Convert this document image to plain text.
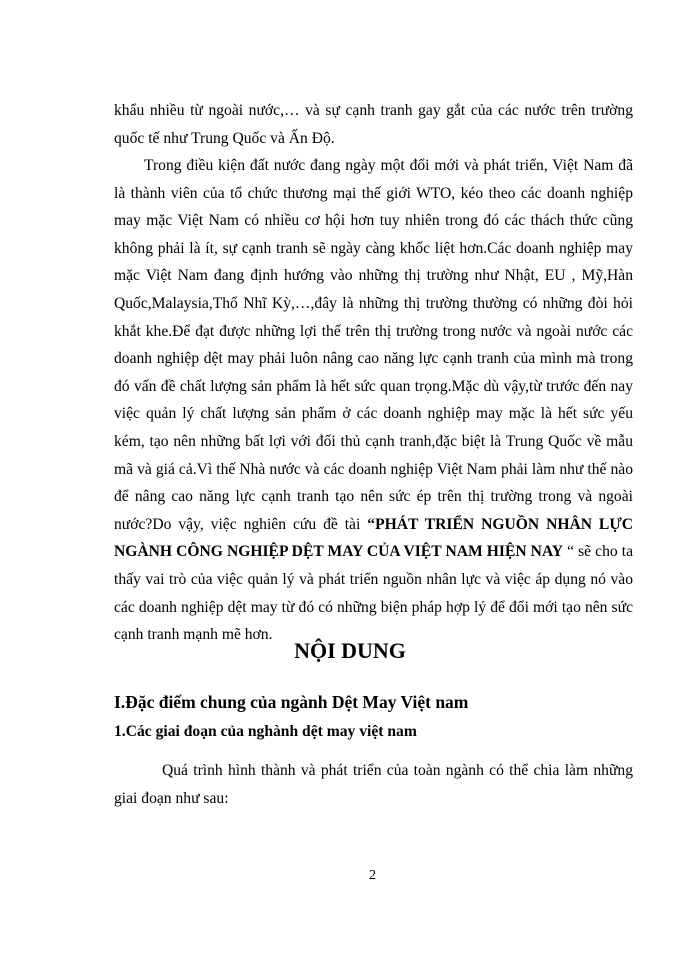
khẩu nhiều từ ngoài nước,… và sự cạnh tranh gay gắt của các nước trên trường quốc tế như Trung Quốc và Ấn Độ.
Trong điều kiện đất nước đang ngày một đổi mới và phát triển, Việt Nam đã là thành viên của tổ chức thương mại thế giới WTO, kéo theo các doanh nghiệp may mặc Việt Nam có nhiều cơ hội hơn tuy nhiên trong đó các thách thức cũng không phải là ít, sự cạnh tranh sẽ ngày càng khốc liệt hơn.Các doanh nghiệp may mặc Việt Nam đang định hướng vào những thị trường như Nhật, EU , Mỹ,Hàn Quốc,Malaysia,Thổ Nhĩ Kỳ,…,đây là những thị trường thường có những đòi hỏi khắt khe.Để đạt được những lợi thế trên thị trường trong nước và ngoài nước các doanh nghiệp dệt may phải luôn nâng cao năng lực cạnh tranh của mình mà trong đó vấn đề chất lượng sản phẩm là hết sức quan trọng.Mặc dù vậy,từ trước đến nay việc quản lý chất lượng sản phẩm ở các doanh nghiệp may mặc là hết sức yếu kém, tạo nên những bất lợi với đối thủ cạnh tranh,đặc biệt là Trung Quốc về mẫu mã và giá cả.Vì thế Nhà nước và các doanh nghiệp Việt Nam phải làm như thế nào để nâng cao năng lực cạnh tranh tạo nên sức ép trên thị trường trong và ngoài nước?Do vậy, việc nghiên cứu đề tài “PHÁT TRIỂN NGUỒN NHÂN LỰC NGÀNH CÔNG NGHIỆP DỆT MAY CỦA VIỆT NAM HIỆN NAY “ sẽ cho ta thấy vai trò của việc quản lý và phát triển nguồn nhân lực và việc áp dụng nó vào các doanh nghiệp dệt may từ đó có những biện pháp hợp lý để đổi mới tạo nên sức cạnh tranh mạnh mẽ hơn.
NỘI DUNG
I.Đặc điểm chung của ngành Dệt May Việt nam
1.Các giai đoạn của nghành dệt may việt nam
Quá trình hình thành và phát triển của toàn ngành có thể chia làm những giai đoạn như sau:
2
